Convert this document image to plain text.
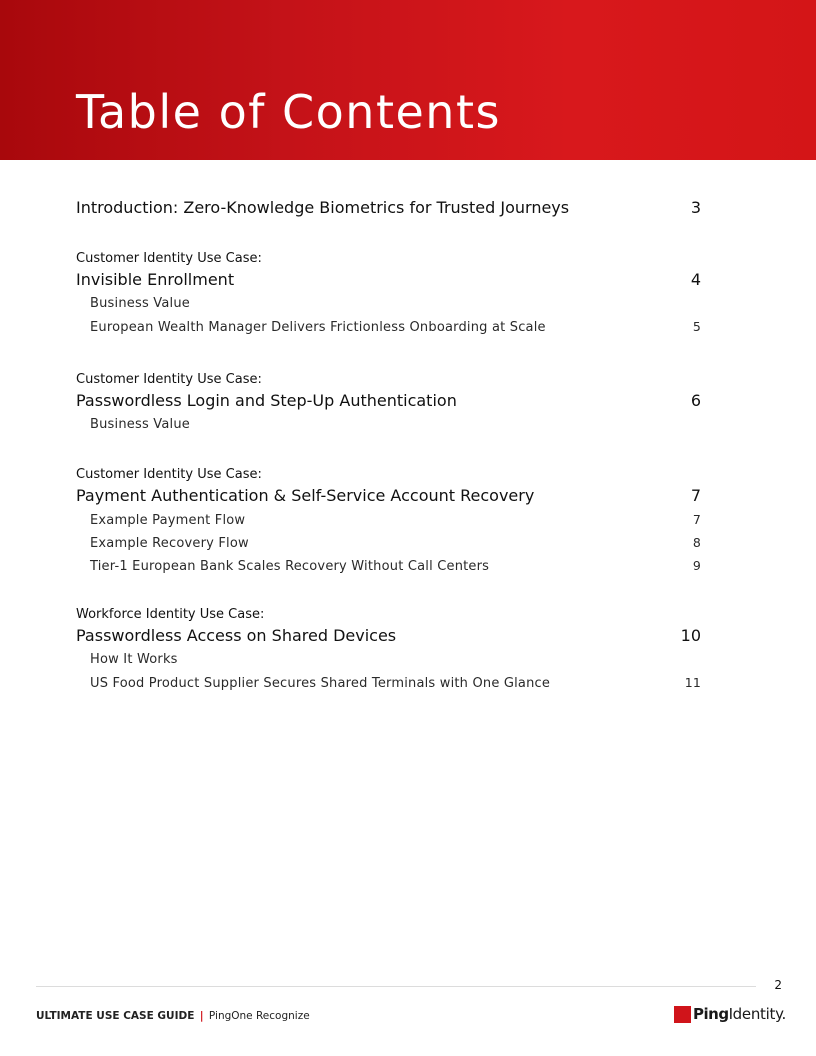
Table of Contents
Introduction: Zero-Knowledge Biometrics for Trusted Journeys	3
Customer Identity Use Case:
Invisible Enrollment	4
Business Value
European Wealth Manager Delivers Frictionless Onboarding at Scale	5
Customer Identity Use Case:
Passwordless Login and Step-Up Authentication	6
Business Value
Customer Identity Use Case:
Payment Authentication & Self-Service Account Recovery	7
Example Payment Flow	7
Example Recovery Flow	8
Tier-1 European Bank Scales Recovery Without Call Centers	9
Workforce Identity Use Case:
Passwordless Access on Shared Devices	10
How It Works
US Food Product Supplier Secures Shared Terminals with One Glance	11
2
ULTIMATE USE CASE GUIDE | PingOne Recognize	Ping Identity.
